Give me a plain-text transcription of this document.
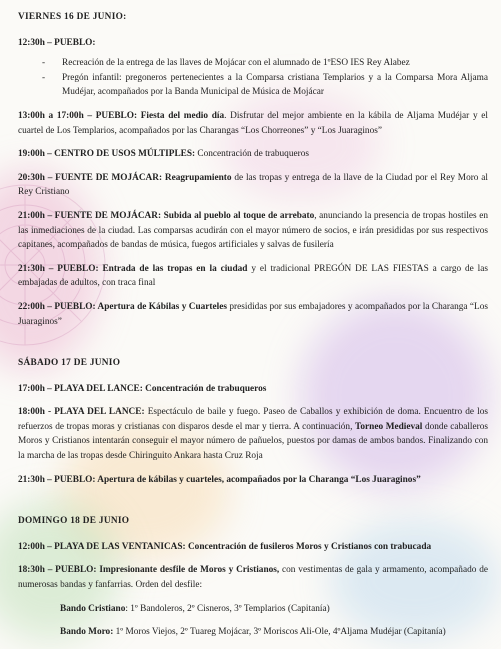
VIERNES 16 DE JUNIO:

12:30h – PUEBLO:

- Recreación de la entrega de las llaves de Mojácar con el alumnado de 1ºESO IES Rey Alabez
- Pregón infantil: pregoneros pertenecientes a la Comparsa cristiana Templarios y a la Comparsa Mora Aljama Mudéjar, acompañados por la Banda Municipal de Música de Mojácar

13:00h a 17:00h – PUEBLO: Fiesta del medio día. Disfrutar del mejor ambiente en la kábila de Aljama Mudéjar y el cuartel de Los Templarios, acompañados por las Charangas “Los Chorreones” y “Los Juaraginos”

19:00h – CENTRO DE USOS MÚLTIPLES: Concentración de trabuqueros

20:30h – FUENTE DE MOJÁCAR: Reagrupamiento de las tropas y entrega de la llave de la Ciudad por el Rey Moro al Rey Cristiano

21:00h – FUENTE DE MOJÁCAR: Subida al pueblo al toque de arrebato, anunciando la presencia de tropas hostiles en las inmediaciones de la ciudad. Las comparsas acudirán con el mayor número de socios, e irán presididas por sus respectivos capitanes, acompañados de bandas de música, fuegos artificiales y salvas de fusilería

21:30h – PUEBLO: Entrada de las tropas en la ciudad y el tradicional PREGÓN DE LAS FIESTAS a cargo de las embajadas de adultos, con traca final

22:00h – PUEBLO: Apertura de Kábilas y Cuarteles presididas por sus embajadores y acompañados por la Charanga “Los Juaraginos”

SÁBADO 17 DE JUNIO

17:00h – PLAYA DEL LANCE: Concentración de trabuqueros

18:00h - PLAYA DEL LANCE: Espectáculo de baile y fuego. Paseo de Caballos y exhibición de doma. Encuentro de los refuerzos de tropas moras y cristianas con disparos desde el mar y tierra. A continuación, Torneo Medieval donde caballeros Moros y Cristianos intentarán conseguir el mayor número de pañuelos, puestos por damas de ambos bandos. Finalizando con la marcha de las tropas desde Chiringuito Ankara hasta Cruz Roja

21:30h – PUEBLO: Apertura de kábilas y cuarteles, acompañados por la Charanga “Los Juaraginos”

DOMINGO 18 DE JUNIO

12:00h – PLAYA DE LAS VENTANICAS: Concentración de fusileros Moros y Cristianos con trabucada

18:30h – PUEBLO: Impresionante desfile de Moros y Cristianos, con vestimentas de gala y armamento, acompañado de numerosas bandas y fanfarrias. Orden del desfile:

Bando Cristiano: 1º Bandoleros, 2º Cisneros, 3º Templarios (Capitanía)

Bando Moro: 1º Moros Viejos, 2º Tuareg Mojácar, 3º Moriscos Ali-Ole, 4ºAljama Mudéjar (Capitanía)
